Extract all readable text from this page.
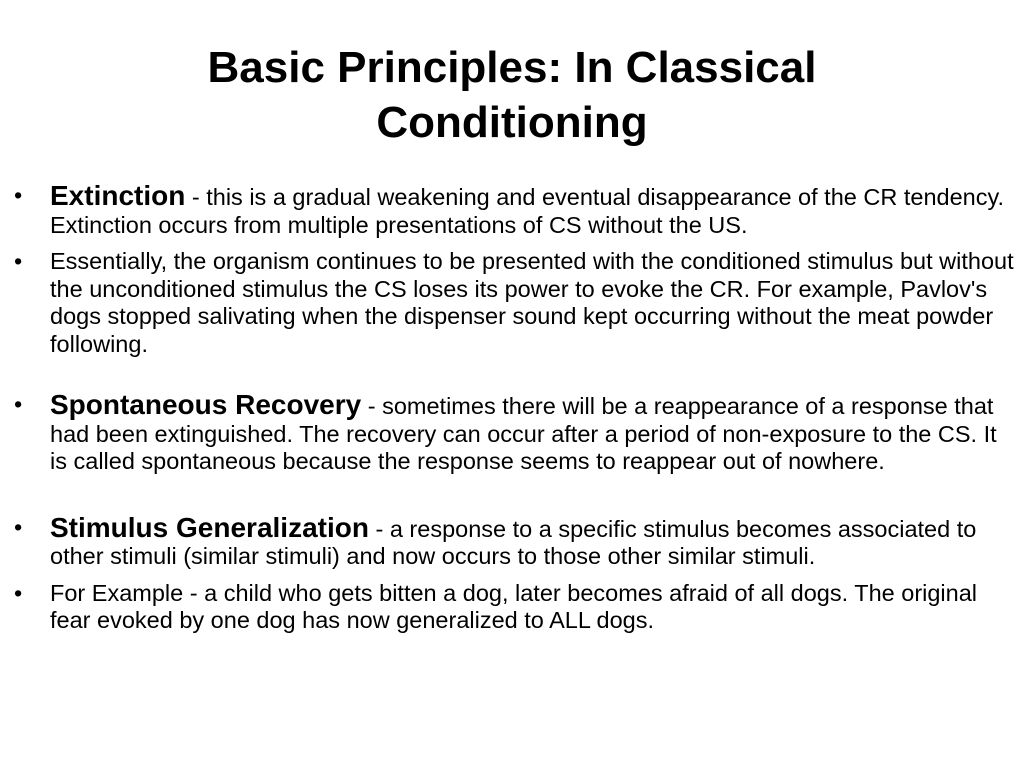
Basic Principles: In Classical
Conditioning
• Extinction - this is a gradual weakening and eventual disappearance of the CR tendency. Extinction occurs from multiple presentations of CS without the US.
• Essentially, the organism continues to be presented with the conditioned stimulus but without the unconditioned stimulus the CS loses its power to evoke the CR. For example, Pavlov's dogs stopped salivating when the dispenser sound kept occurring without the meat powder following.
• Spontaneous Recovery - sometimes there will be a reappearance of a response that had been extinguished. The recovery can occur after a period of non-exposure to the CS. It is called spontaneous because the response seems to reappear out of nowhere.
• Stimulus Generalization - a response to a specific stimulus becomes associated to other stimuli (similar stimuli) and now occurs to those other similar stimuli.
• For Example - a child who gets bitten a dog, later becomes afraid of all dogs. The original fear evoked by one dog has now generalized to ALL dogs.
